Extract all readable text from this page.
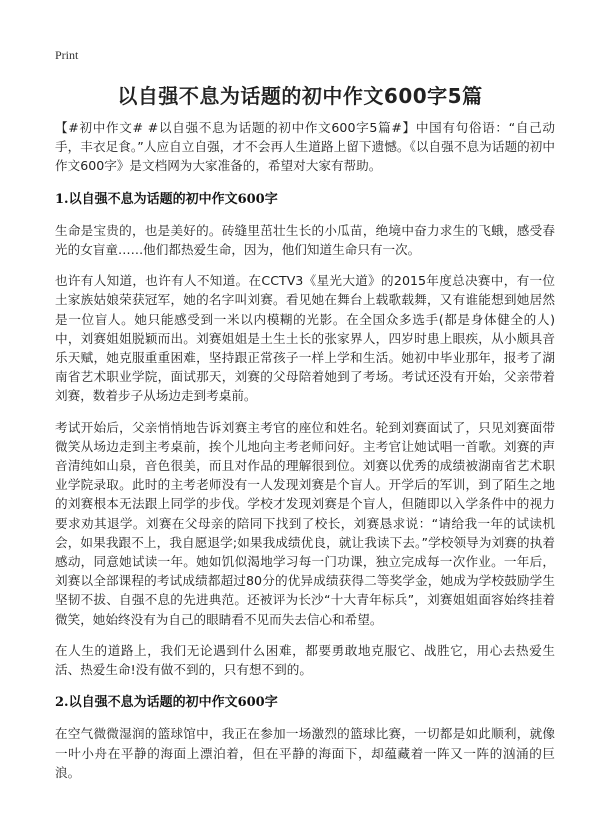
Print
以自强不息为话题的初中作文600字5篇

【#初中作文# #以自强不息为话题的初中作文600字5篇#】中国有句俗语：“自己动手，丰衣足食。”人应自立自强，才不会再人生道路上留下遗憾。《以自强不息为话题的初中作文600字》是文档网为大家准备的，希望对大家有帮助。

1.以自强不息为话题的初中作文600字

生命是宝贵的，也是美好的。砖缝里茁壮生长的小瓜苗，绝境中奋力求生的飞蛾，感受春光的女盲童……他们都热爱生命，因为，他们知道生命只有一次。

也许有人知道，也许有人不知道。在CCTV3《星光大道》的2015年度总决赛中，有一位土家族姑娘荣获冠军，她的名字叫刘赛。看见她在舞台上载歌载舞，又有谁能想到她居然是一位盲人。她只能感受到一米以内模糊的光影。在全国众多选手(都是身体健全的人)中，刘赛姐姐脱颖而出。刘赛姐姐是土生土长的张家界人，四岁时患上眼疾，从小颇具音乐天赋，她克服重重困难，坚持跟正常孩子一样上学和生活。她初中毕业那年，报考了湖南省艺术职业学院，面试那天，刘赛的父母陪着她到了考场。考试还没有开始，父亲带着刘赛，数着步子从场边走到考桌前。

考试开始后，父亲悄悄地告诉刘赛主考官的座位和姓名。轮到刘赛面试了，只见刘赛面带微笑从场边走到主考桌前，挨个儿地向主考老师问好。主考官让她试唱一首歌。刘赛的声音清纯如山泉，音色很美，而且对作品的理解很到位。刘赛以优秀的成绩被湖南省艺术职业学院录取。此时的主考老师没有一人发现刘赛是个盲人。开学后的军训，到了陌生之地的刘赛根本无法跟上同学的步伐。学校才发现刘赛是个盲人，但随即以入学条件中的视力要求劝其退学。刘赛在父母亲的陪同下找到了校长，刘赛恳求说：“请给我一年的试读机会，如果我跟不上，我自愿退学;如果我成绩优良，就让我读下去。”学校领导为刘赛的执着感动，同意她试读一年。她如饥似渴地学习每一门功课，独立完成每一次作业。一年后，刘赛以全部课程的考试成绩都超过80分的优异成绩获得二等奖学金，她成为学校鼓励学生坚韧不拔、自强不息的先进典范。还被评为长沙“十大青年标兵”，刘赛姐姐面容始终挂着微笑，她始终没有为自己的眼睛看不见而失去信心和希望。

在人生的道路上，我们无论遇到什么困难，都要勇敢地克服它、战胜它，用心去热爱生活、热爱生命!没有做不到的，只有想不到的。

2.以自强不息为话题的初中作文600字

在空气微微湿润的篮球馆中，我正在参加一场激烈的篮球比赛，一切都是如此顺利，就像一叶小舟在平静的海面上漂泊着，但在平静的海面下，却蕴藏着一阵又一阵的汹涌的巨浪。
